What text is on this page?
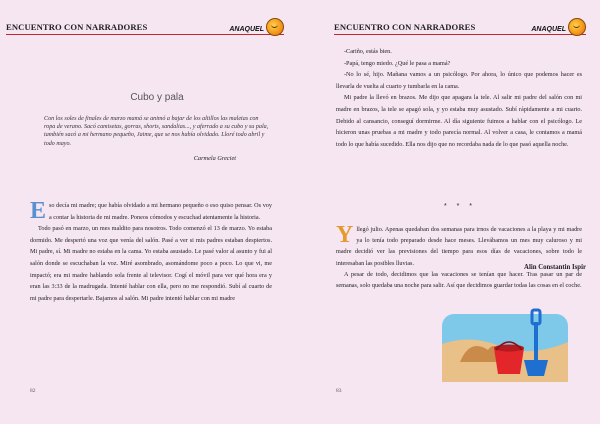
ENCUENTRO CON NARRADORES	ANAQUEL
Cubo y pala
Con los soles de finales de marzo mamá se animó a bajar de los altillos las maletas con ropa de verano. Sacó camisetas, gorras, shorts, sandalias..., y aferrado a su cubo y su pala, también sacó a mi hermano pequeño, Jaime, que se nos había olvidado. Lloré todo abril y todo mayo.
Carmela Greciet

Eso decía mi madre; que había olvidado a mi hermano pequeño o eso quiso pensar. Os voy a contar la historia de mi madre. Poneos cómodos y escuchad atentamente la historia.

Todo pasó en marzo, un mes maldito para nosotros. Todo comenzó el 13 de marzo. Yo estaba dormido. Me despertó una voz que venía del salón. Pasé a ver si mis padres estaban despiertos. Mi padre, sí. Mi madre no estaba en la cama. Yo estaba asustado. Le pasé valor al asunto y fui al salón donde se escuchaban la voz. Miré asombrado, asomándome poco a poco. Lo que vi, me impactó; era mi madre hablando sola frente al televisor. Cogí el móvil para ver qué hora era y eran las 3:33 de la madrugada. Intenté hablar con ella, pero no me respondió. Subí al cuarto de mi padre para despertarle. Bajamos al salón. Mi padre intentó hablar con mi madre

82
ENCUENTRO CON NARRADORES	ANAQUEL

-Cariño, estás bien.

-Papá, tengo miedo. ¿Qué le pasa a mamá?

-No lo sé, hijo. Mañana vamos a un psicólogo. Por ahora, lo único que podemos hacer es llevarla de vuelta al cuarto y tumbarla en la cama.

Mi padre la llevó en brazos. Me dijo que apagara la tele. Al salir mi padre del salón con mi madre en brazos, la tele se apagó sola, y yo estaba muy asustado. Subí rápidamente a mi cuarto. Debido al cansancio, conseguí dormirme. Al día siguiente fuimos a hablar con el psicólogo. Le hicieron unas pruebas a mi madre y todo parecía normal. Al volver a casa, le contamos a mamá todo lo que había sucedido. Ella nos dijo que no recordaba nada de lo que pasó aquella noche.

Alin Constantin Ispir
* * *

Yllegó julio. Apenas quedaban dos semanas para irnos de vacaciones a la playa y mi madre ya lo tenía todo preparado desde hace meses. Llevábamos un mes muy caluroso y mi madre decidió ver las previsiones del tiempo para esos días de vacaciones, sobre todo le interesaban las posibles lluvias.

A pesar de todo, decidimos que las vacaciones se tenían que hacer. Tras pasar un par de semanas, solo quedaba una noche para salir. Así que decidimos guardar todas las cosas en el coche.

83
